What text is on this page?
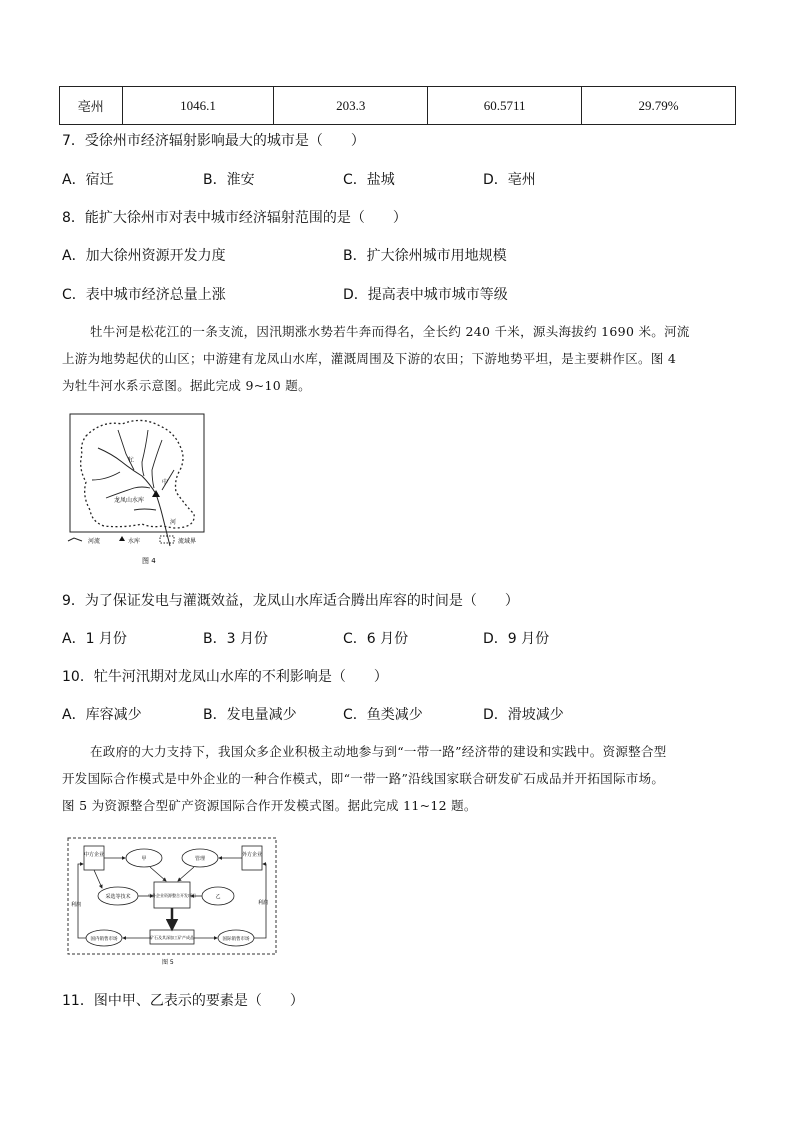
亳州	1046.1	203.3	60.5711	29.79%
7．受徐州市经济辐射影响最大的城市是（　　）
A．宿迁	B．淮安	C．盐城	D．亳州
8．能扩大徐州市对表中城市经济辐射范围的是（　　）
A．加大徐州资源开发力度	B．扩大徐州城市用地规模
C．表中城市经济总量上涨	D．提高表中城市城市等级
牡牛河是松花江的一条支流，因汛期涨水势若牛奔而得名，全长约 240 千米，源头海拔约 1690 米。河流
上游为地势起伏的山区；中游建有龙凤山水库，灌溉周围及下游的农田；下游地势平坦，是主要耕作区。图 4
为牡牛河水系示意图。据此完成 9~10 题。
牤
中
龙凤山水库
河
河流	水库	流域界
图 4
9．为了保证发电与灌溉效益，龙凤山水库适合腾出库容的时间是（　　）
A．1 月份	B．3 月份	C．6 月份	D．9 月份
10．牤牛河汛期对龙凤山水库的不利影响是（　　）
A．库容减少	B．发电量减少	C．鱼类减少	D．滑坡减少
在政府的大力支持下，我国众多企业积极主动地参与到“一带一路”经济带的建设和实践中。资源整合型
开发国际合作模式是中外企业的一种合作模式，即“一带一路”沿线国家联合研发矿石成品并开拓国际市场。
图 5 为资源整合型矿产资源国际合作开发模式图。据此完成 11~12 题。
中方企业	外方企业
甲	管理
采选等技术	乙
中外企业资源整合开发项目
矿石及其深加工矿产成品
国内销售市场	国际销售市场
利润	利润
图 5
11．图中甲、乙表示的要素是（　　）
